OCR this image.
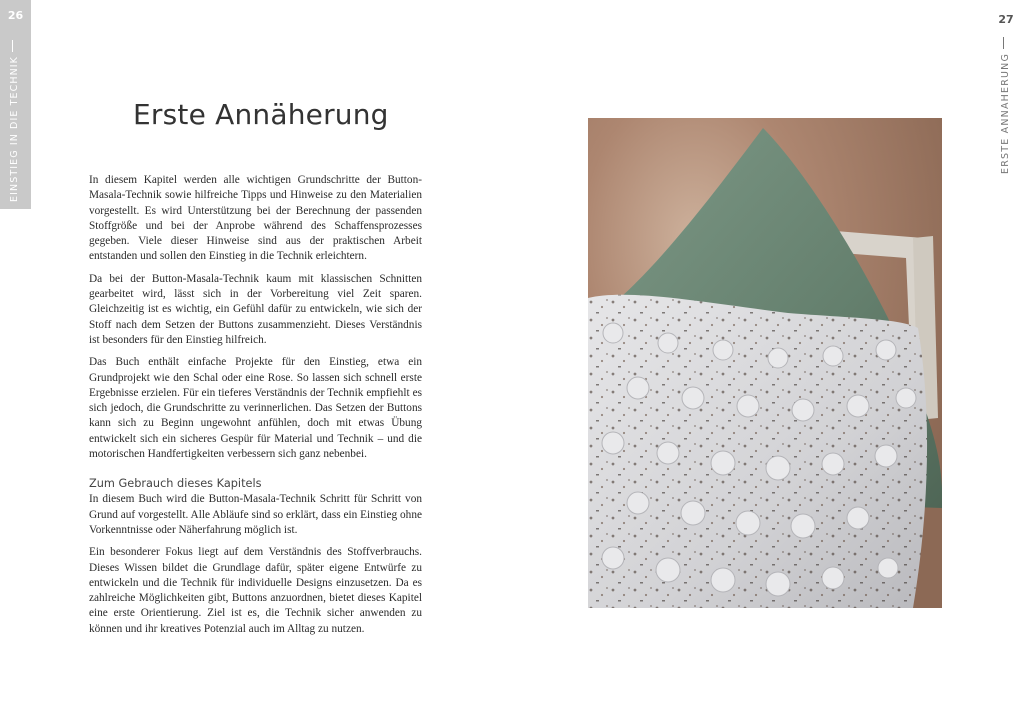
26
EINSTIEG IN DIE TECHNIK	Erste Annäherung

In diesem Kapitel werden alle wichtigen Grundschritte der Button-Masala-Technik sowie hilfreiche Tipps und Hinweise zu den Materialien vorgestellt. Es wird Unterstützung bei der Berechnung der passenden Stoffgröße und bei der Anprobe während des Schaffensprozesses gegeben. Viele dieser Hinweise sind aus der praktischen Arbeit entstanden und sollen den Einstieg in die Technik erleichtern.

Da bei der Button-Masala-Technik kaum mit klassischen Schnitten gearbeitet wird, lässt sich in der Vorbereitung viel Zeit sparen. Gleichzeitig ist es wichtig, ein Gefühl dafür zu entwickeln, wie sich der Stoff nach dem Setzen der Buttons zusammenzieht. Dieses Verständnis ist besonders für den Einstieg hilfreich.

Das Buch enthält einfache Projekte für den Einstieg, etwa ein Grundprojekt wie den Schal oder eine Rose. So lassen sich schnell erste Ergebnisse erzielen. Für ein tieferes Verständnis der Technik empfiehlt es sich jedoch, die Grundschritte zu verinnerlichen. Das Setzen der Buttons kann sich zu Beginn ungewohnt anfühlen, doch mit etwas Übung entwickelt sich ein sicheres Gespür für Material und Technik – und die motorischen Handfertigkeiten verbessern sich ganz nebenbei.

Zum Gebrauch dieses Kapitels

In diesem Buch wird die Button-Masala-Technik Schritt für Schritt von Grund auf vorgestellt. Alle Abläufe sind so erklärt, dass ein Einstieg ohne Vorkenntnisse oder Näherfahrung möglich ist.

Ein besonderer Fokus liegt auf dem Verständnis des Stoffverbrauchs. Dieses Wissen bildet die Grundlage dafür, später eigene Entwürfe zu entwickeln und die Technik für individuelle Designs einzusetzen. Da es zahlreiche Möglichkeiten gibt, Buttons anzuordnen, bietet dieses Kapitel eine erste Orientierung. Ziel ist es, die Technik sicher anwenden zu können und ihr kreatives Potenzial auch im Alltag zu nutzen.

27
ERSTE ANNÄHERUNG
